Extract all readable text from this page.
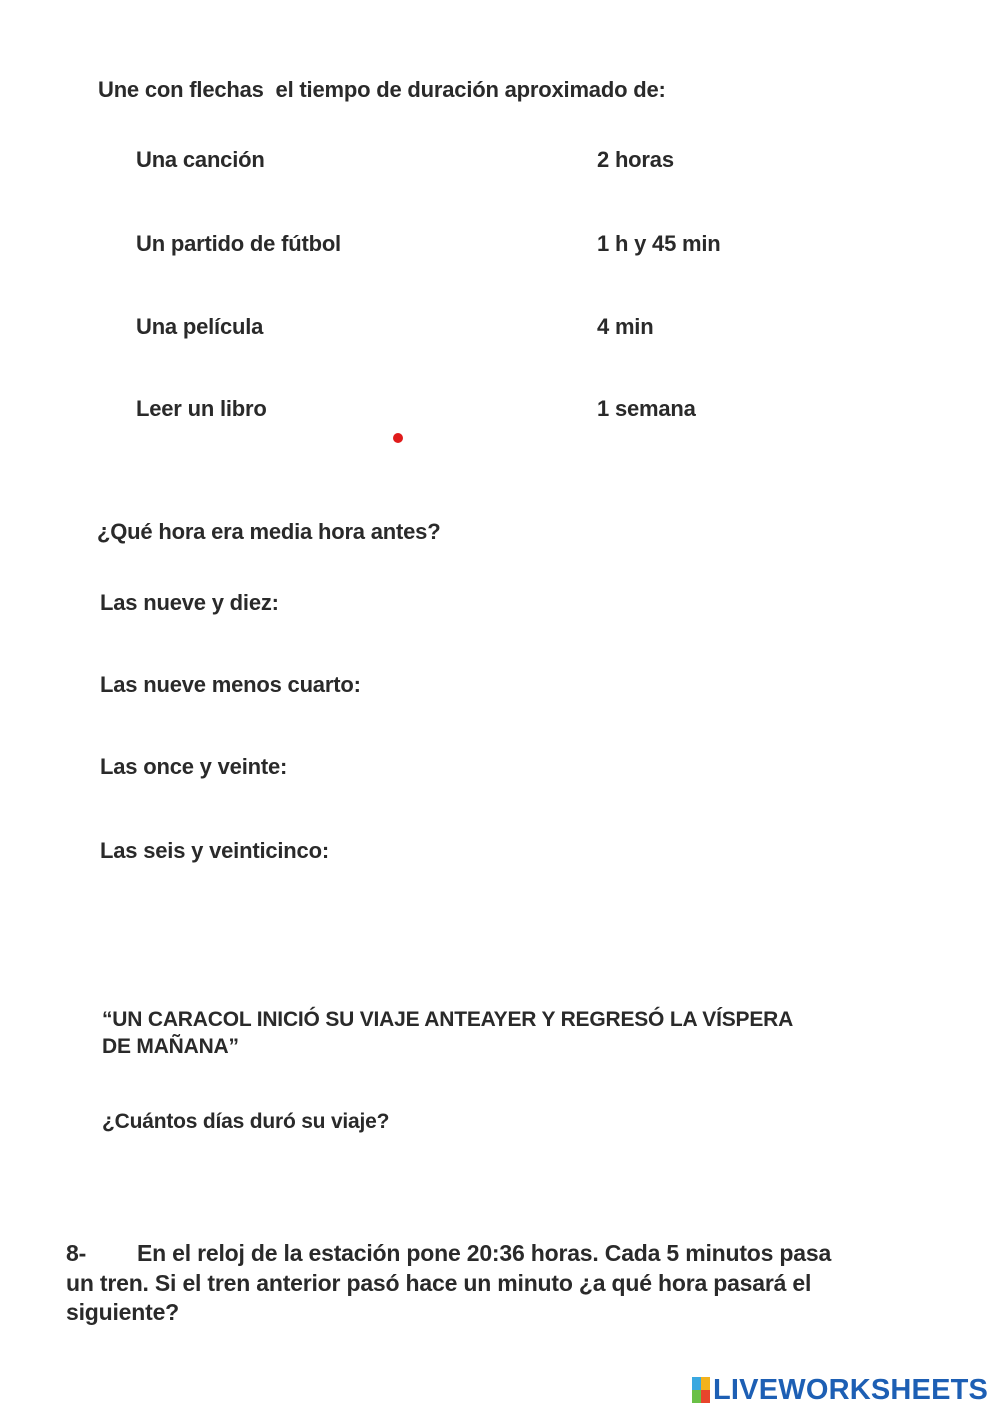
Une con flechas  el tiempo de duración aproximado de:
Una canción
Un partido de fútbol
Una película
Leer un libro
2 horas
1 h y 45 min
4 min
1 semana
¿Qué hora era media hora antes?
Las nueve y diez:
Las nueve menos cuarto:
Las once y veinte:
Las seis y veinticinco:
“UN CARACOL INICIÓ SU VIAJE ANTEAYER Y REGRESÓ LA VÍSPERA
DE MAÑANA”
¿Cuántos días duró su viaje?
8- En el reloj de la estación pone 20:36 horas. Cada 5 minutos pasa
un tren. Si el tren anterior pasó hace un minuto ¿a qué hora pasará el
siguiente?
LIVEWORKSHEETS
